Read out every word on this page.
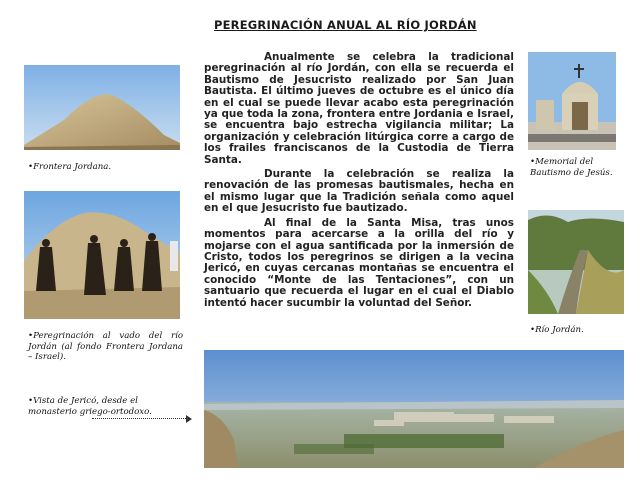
PEREGRINACIÓN ANUAL AL RÍO JORDÁN

Anualmente se celebra la tradicional peregrinación al río Jordán, con ella se recuerda el Bautismo de Jesucristo realizado por San Juan Bautista. El último jueves de octubre es el único día en el cual se puede llevar acabo esta peregrinación ya que toda la zona, frontera entre Jordania e Israel, se encuentra bajo estrecha vigilancia militar; La organización y celebración litúrgica corre a cargo de los frailes franciscanos de la Custodia de Tierra Santa.

Durante la celebración se realiza la renovación de las promesas bautismales, hecha en el mismo lugar que la Tradición señala como aquel en el que Jesucristo fue bautizado.

Al final de la Santa Misa, tras unos momentos para acercarse a la orilla del río y mojarse con el agua santificada por la inmersión de Cristo, todos los peregrinos se dirigen a la vecina Jericó, en cuyas cercanas montañas se encuentra el conocido “Monte de las Tentaciones”, con un santuario que recuerda el lugar en el cual el Diablo intentó hacer sucumbir la voluntad del Señor.

•Frontera Jordana.
•Peregrinación al vado del río Jordán (al fondo Frontera Jordana – Israel).
•Vista de Jericó, desde el monasterio griego-ortodoxo.
•Memorial del Bautismo de Jesús.
•Río Jordán.
